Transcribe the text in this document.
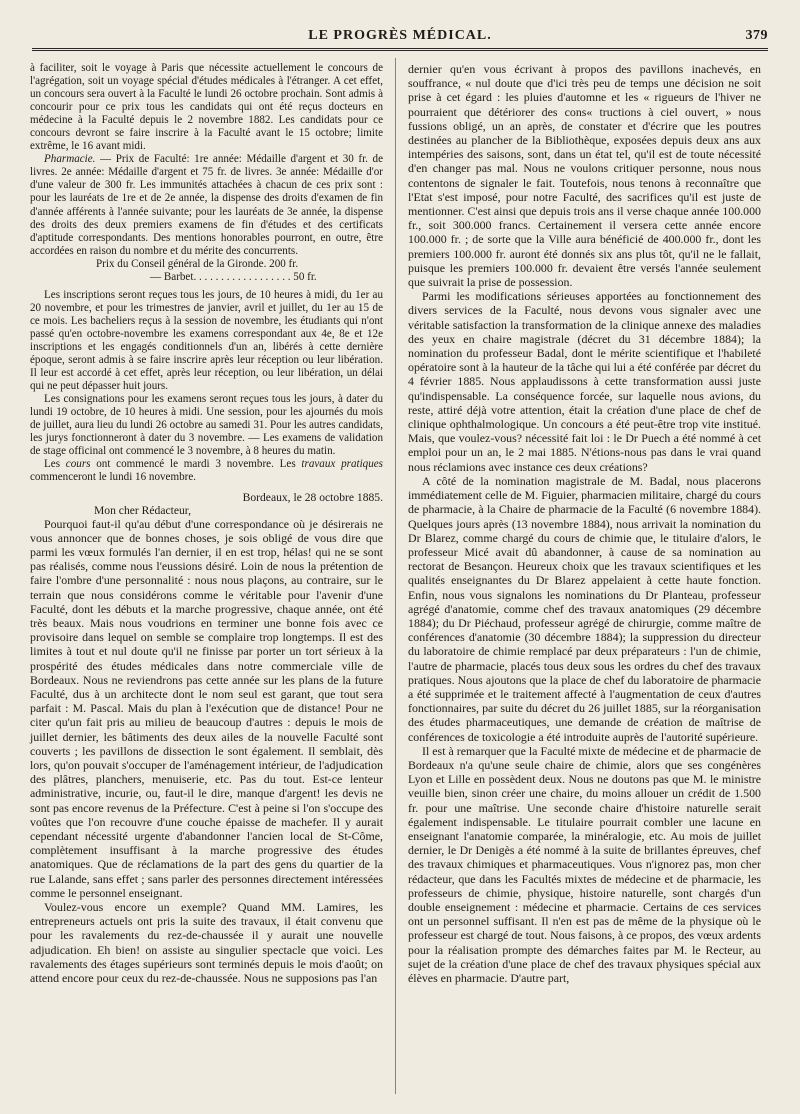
LE PROGRÈS MÉDICAL.	379

à faciliter, soit le voyage à Paris que nécessite actuellement le concours de l'agrégation, soit un voyage spécial d'études médicales à l'étranger. A cet effet, un concours sera ouvert à la Faculté le lundi 26 octobre prochain. Sont admis à concourir pour ce prix tous les candidats qui ont été reçus docteurs en médecine à la Faculté depuis le 2 novembre 1882. Les candidats pour ce concours devront se faire inscrire à la Faculté avant le 15 octobre; limite extrême, le 16 avant midi.

Pharmacie. — Prix de Faculté: 1re année: Médaille d'argent et 30 fr. de livres. 2e année: Médaille d'argent et 75 fr. de livres. 3e année: Médaille d'or d'une valeur de 300 fr. Les immunités attachées à chacun de ces prix sont : pour les lauréats de 1re et de 2e année, la dispense des droits d'examen de fin d'année afférents à l'année suivante; pour les lauréats de 3e année, la dispense des droits des deux premiers examens de fin d'études et des certificats d'aptitude correspondants. Des mentions honorables pourront, en outre, être accordées en raison du nombre et du mérite des concurrents.

Prix du Conseil général de la Gironde. 200 fr.

— Barbet. . . . . . . . . . . . . . . . . . 50 fr.

Les inscriptions seront reçues tous les jours, de 10 heures à midi, du 1er au 20 novembre, et pour les trimestres de janvier, avril et juillet, du 1er au 15 de ce mois. Les bacheliers reçus à la session de novembre, les étudiants qui n'ont passé qu'en octobre-novembre les examens correspondant aux 4e, 8e et 12e inscriptions et les engagés conditionnels d'un an, libérés à cette dernière époque, seront admis à se faire inscrire après leur réception ou leur libération. Il leur est accordé à cet effet, après leur réception, ou leur libération, un délai qui ne peut dépasser huit jours.

Les consignations pour les examens seront reçues tous les jours, à dater du lundi 19 octobre, de 10 heures à midi. Une session, pour les ajournés du mois de juillet, aura lieu du lundi 26 octobre au samedi 31. Pour les autres candidats, les jurys fonctionneront à dater du 3 novembre. — Les examens de validation de stage officinal ont commencé le 3 novembre, à 8 heures du matin.

Les cours ont commencé le mardi 3 novembre. Les travaux pratiques commenceront le lundi 16 novembre.

Bordeaux, le 28 octobre 1885.

Mon cher Rédacteur,

Pourquoi faut-il qu'au début d'une correspondance où je désirerais ne vous annoncer que de bonnes choses, je sois obligé de vous dire que parmi les vœux formulés l'an dernier, il en est trop, hélas! qui ne se sont pas réalisés, comme nous l'eussions désiré. Loin de nous la prétention de faire l'ombre d'une personnalité : nous nous plaçons, au contraire, sur le terrain que nous considérons comme le véritable pour l'avenir d'une Faculté, dont les débuts et la marche progressive, chaque année, ont été très beaux. Mais nous voudrions en terminer une bonne fois avec ce provisoire dans lequel on semble se complaire trop longtemps. Il est des limites à tout et nul doute qu'il ne finisse par porter un tort sérieux à la prospérité des études médicales dans notre commerciale ville de Bordeaux. Nous ne reviendrons pas cette année sur les plans de la future Faculté, dus à un architecte dont le nom seul est garant, que tout sera parfait : M. Pascal. Mais du plan à l'exécution que de distance! Pour ne citer qu'un fait pris au milieu de beaucoup d'autres : depuis le mois de juillet dernier, les bâtiments des deux ailes de la nouvelle Faculté sont couverts ; les pavillons de dissection le sont également. Il semblait, dès lors, qu'on pouvait s'occuper de l'aménagement intérieur, de l'adjudication des plâtres, planchers, menuiserie, etc. Pas du tout. Est-ce lenteur administrative, incurie, ou, faut-il le dire, manque d'argent! les devis ne sont pas encore revenus de la Préfecture. C'est à peine si l'on s'occupe des voûtes que l'on recouvre d'une couche épaisse de machefer. Il y aurait cependant nécessité urgente d'abandonner l'ancien local de St-Côme, complètement insuffisant à la marche progressive des études anatomiques. Que de réclamations de la part des gens du quartier de la rue Lalande, sans effet ; sans parler des personnes directement intéressées comme le personnel enseignant.

Voulez-vous encore un exemple? Quand MM. Lamires, les entrepreneurs actuels ont pris la suite des travaux, il était convenu que pour les ravalements du rez-de-chaussée il y aurait une nouvelle adjudication. Eh bien! on assiste au singulier spectacle que voici. Les ravalements des étages supérieurs sont terminés depuis le mois d'août; on attend encore pour ceux du rez-de-chaussée. Nous ne supposions pas l'an

dernier qu'en vous écrivant à propos des pavillons inachevés, en souffrance, « nul doute que d'ici très peu de temps une décision ne soit prise à cet égard : les pluies d'automne et les « rigueurs de l'hiver ne pourraient que détériorer des cons« tructions à ciel ouvert, » nous fussions obligé, un an après, de constater et d'écrire que les poutres destinées au plancher de la Bibliothèque, exposées depuis deux ans aux intempéries des saisons, sont, dans un état tel, qu'il est de toute nécessité d'en changer pas mal. Nous ne voulons critiquer personne, nous nous contentons de signaler le fait. Toutefois, nous tenons à reconnaître que l'Etat s'est imposé, pour notre Faculté, des sacrifices qu'il est juste de mentionner. C'est ainsi que depuis trois ans il verse chaque année 100.000 fr., soit 300.000 francs. Certainement il versera cette année encore 100.000 fr. ; de sorte que la Ville aura bénéficié de 400.000 fr., dont les premiers 100.000 fr. auront été donnés six ans plus tôt, qu'il ne le fallait, puisque les premiers 100.000 fr. devaient être versés l'année seulement que suivrait la prise de possession.

Parmi les modifications sérieuses apportées au fonctionnement des divers services de la Faculté, nous devons vous signaler avec une véritable satisfaction la transformation de la clinique annexe des maladies des yeux en chaire magistrale (décret du 31 décembre 1884); la nomination du professeur Badal, dont le mérite scientifique et l'habileté opératoire sont à la hauteur de la tâche qui lui a été conférée par décret du 4 février 1885. Nous applaudissons à cette transformation aussi juste qu'indispensable. La conséquence forcée, sur laquelle nous avions, du reste, attiré déjà votre attention, était la création d'une place de chef de clinique ophthalmologique. Un concours a été peut-être trop vite institué. Mais, que voulez-vous? nécessité fait loi : le Dr Puech a été nommé à cet emploi pour un an, le 2 mai 1885. N'étions-nous pas dans le vrai quand nous réclamions avec instance ces deux créations?

A côté de la nomination magistrale de M. Badal, nous placerons immédiatement celle de M. Figuier, pharmacien militaire, chargé du cours de pharmacie, à la Chaire de pharmacie de la Faculté (6 novembre 1884). Quelques jours après (13 novembre 1884), nous arrivait la nomination du Dr Blarez, comme chargé du cours de chimie que, le titulaire d'alors, le professeur Micé avait dû abandonner, à cause de sa nomination au rectorat de Besançon. Heureux choix que les travaux scientifiques et les qualités enseignantes du Dr Blarez appelaient à cette haute fonction. Enfin, nous vous signalons les nominations du Dr Planteau, professeur agrégé d'anatomie, comme chef des travaux anatomiques (29 décembre 1884); du Dr Piéchaud, professeur agrégé de chirurgie, comme maître de conférences d'anatomie (30 décembre 1884); la suppression du directeur du laboratoire de chimie remplacé par deux préparateurs : l'un de chimie, l'autre de pharmacie, placés tous deux sous les ordres du chef des travaux pratiques. Nous ajoutons que la place de chef du laboratoire de pharmacie a été supprimée et le traitement affecté à l'augmentation de ceux d'autres fonctionnaires, par suite du décret du 26 juillet 1885, sur la réorganisation des études pharmaceutiques, une demande de création de maîtrise de conférences de toxicologie a été introduite auprès de l'autorité supérieure.

Il est à remarquer que la Faculté mixte de médecine et de pharmacie de Bordeaux n'a qu'une seule chaire de chimie, alors que ses congénères Lyon et Lille en possèdent deux. Nous ne doutons pas que M. le ministre veuille bien, sinon créer une chaire, du moins allouer un crédit de 1.500 fr. pour une maîtrise. Une seconde chaire d'histoire naturelle serait également indispensable. Le titulaire pourrait combler une lacune en enseignant l'anatomie comparée, la minéralogie, etc. Au mois de juillet dernier, le Dr Denigès a été nommé à la suite de brillantes épreuves, chef des travaux chimiques et pharmaceutiques. Vous n'ignorez pas, mon cher rédacteur, que dans les Facultés mixtes de médecine et de pharmacie, les professeurs de chimie, physique, histoire naturelle, sont chargés d'un double enseignement : médecine et pharmacie. Certains de ces services ont un personnel suffisant. Il n'en est pas de même de la physique où le professeur est chargé de tout. Nous faisons, à ce propos, des vœux ardents pour la réalisation prompte des démarches faites par M. le Recteur, au sujet de la création d'une place de chef des travaux physiques spécial aux élèves en pharmacie. D'autre part,
